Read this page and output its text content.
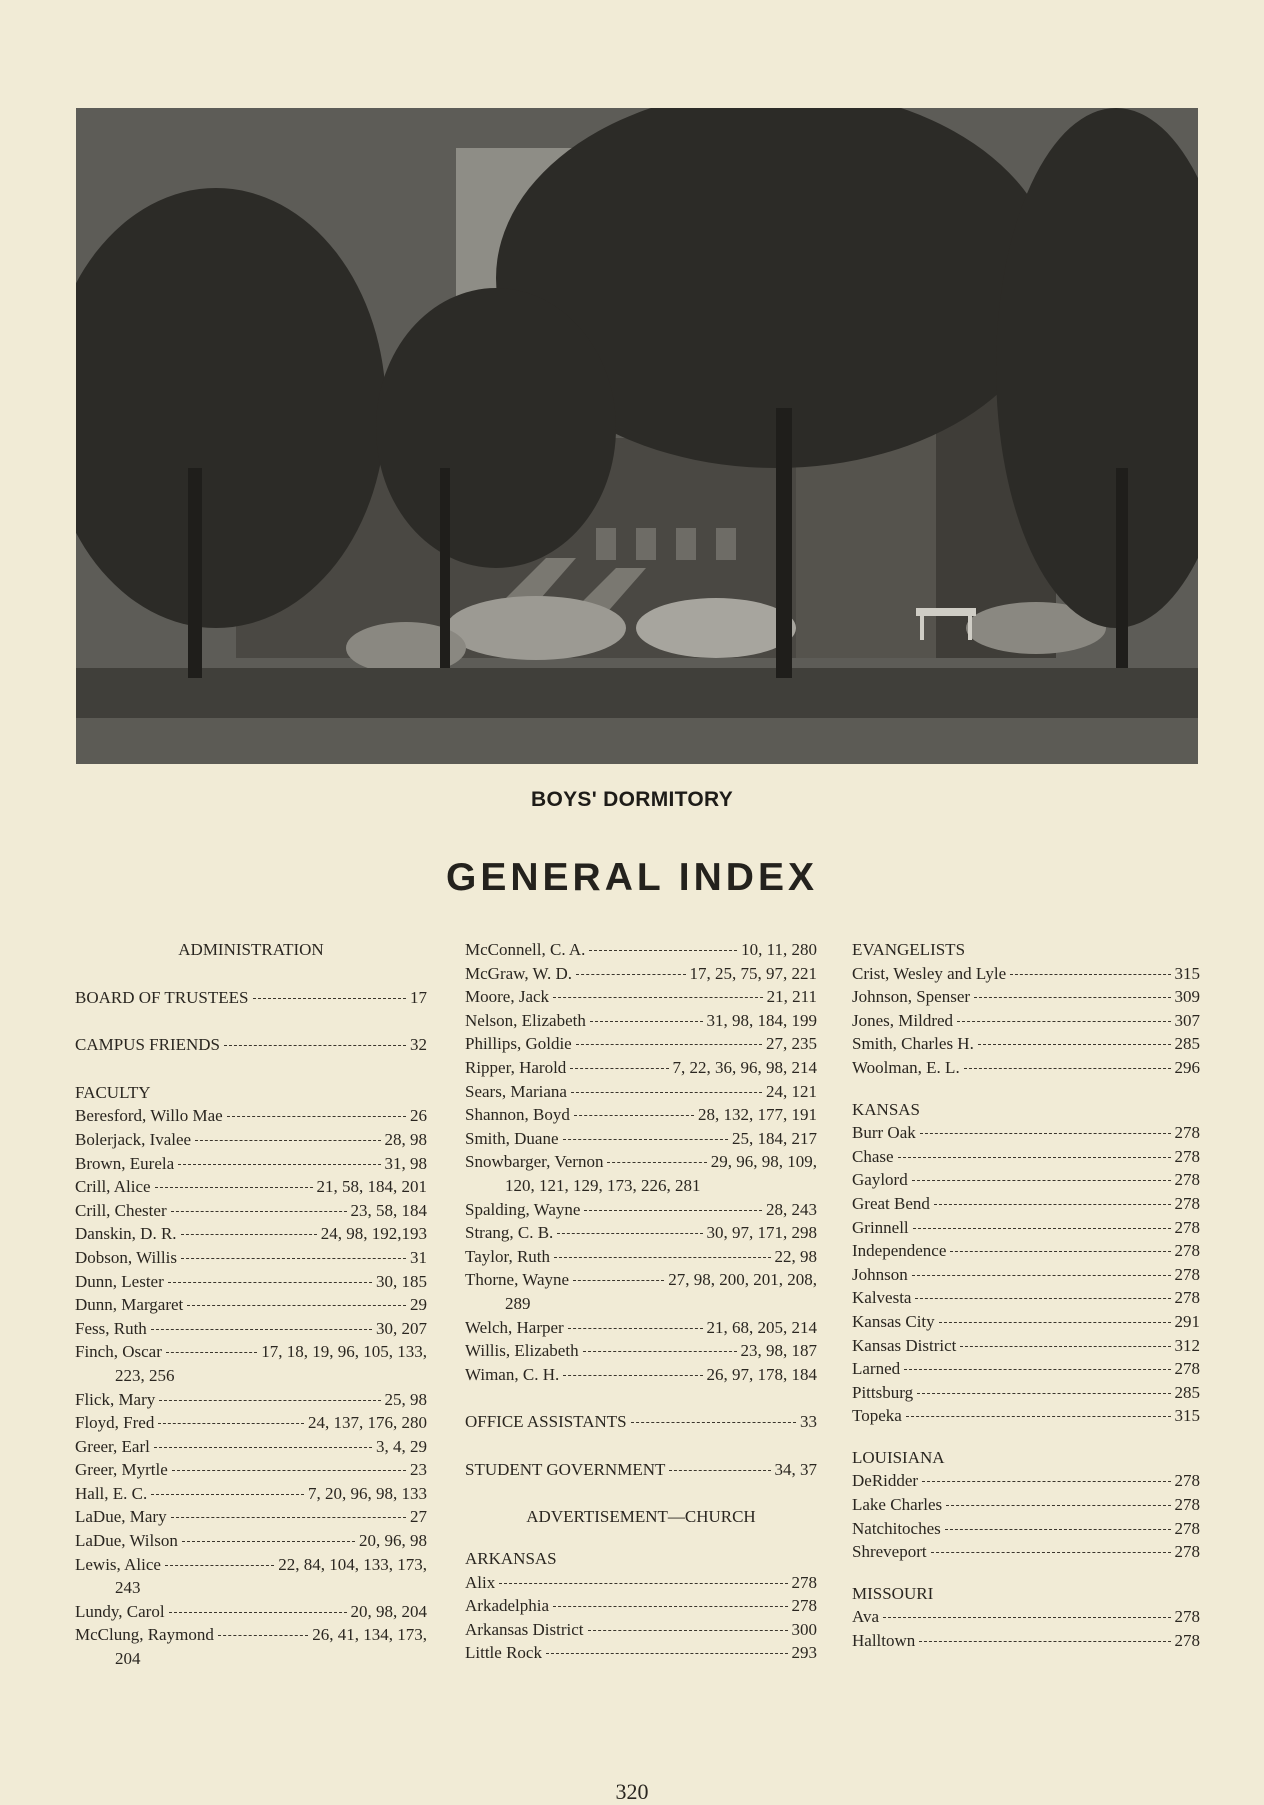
BOYS' DORMITORY
GENERAL INDEX
ADMINISTRATION
BOARD OF TRUSTEES	17
CAMPUS FRIENDS	32
FACULTY
Beresford, Willo Mae	26
Bolerjack, Ivalee	28, 98
Brown, Eurela	31, 98
Crill, Alice	21, 58, 184, 201
Crill, Chester	23, 58, 184
Danskin, D. R.	24, 98, 192,193
Dobson, Willis	31
Dunn, Lester	30, 185
Dunn, Margaret	29
Fess, Ruth	30, 207
Finch, Oscar	17, 18, 19, 96, 105, 133,
223, 256
Flick, Mary	25, 98
Floyd, Fred	24, 137, 176, 280
Greer, Earl	3, 4, 29
Greer, Myrtle	23
Hall, E. C.	7, 20, 96, 98, 133
LaDue, Mary	27
LaDue, Wilson	20, 96, 98
Lewis, Alice	22, 84, 104, 133, 173,
243
Lundy, Carol	20, 98, 204
McClung, Raymond	26, 41, 134, 173,
204
McConnell, C. A.	10, 11, 280
McGraw, W. D.	17, 25, 75, 97, 221
Moore, Jack	21, 211
Nelson, Elizabeth	31, 98, 184, 199
Phillips, Goldie	27, 235
Ripper, Harold	7, 22, 36, 96, 98, 214
Sears, Mariana	24, 121
Shannon, Boyd	28, 132, 177, 191
Smith, Duane	25, 184, 217
Snowbarger, Vernon	29, 96, 98, 109,
120, 121, 129, 173, 226, 281
Spalding, Wayne	28, 243
Strang, C. B.	30, 97, 171, 298
Taylor, Ruth	22, 98
Thorne, Wayne	27, 98, 200, 201, 208,
289
Welch, Harper	21, 68, 205, 214
Willis, Elizabeth	23, 98, 187
Wiman, C. H.	26, 97, 178, 184
OFFICE ASSISTANTS	33
STUDENT GOVERNMENT	34, 37
ADVERTISEMENT—CHURCH
ARKANSAS
Alix	278
Arkadelphia	278
Arkansas District	300
Little Rock	293
EVANGELISTS
Crist, Wesley and Lyle	315
Johnson, Spenser	309
Jones, Mildred	307
Smith, Charles H.	285
Woolman, E. L.	296
KANSAS
Burr Oak	278
Chase	278
Gaylord	278
Great Bend	278
Grinnell	278
Independence	278
Johnson	278
Kalvesta	278
Kansas City	291
Kansas District	312
Larned	278
Pittsburg	285
Topeka	315
LOUISIANA
DeRidder	278
Lake Charles	278
Natchitoches	278
Shreveport	278
MISSOURI
Ava	278
Halltown	278
320
